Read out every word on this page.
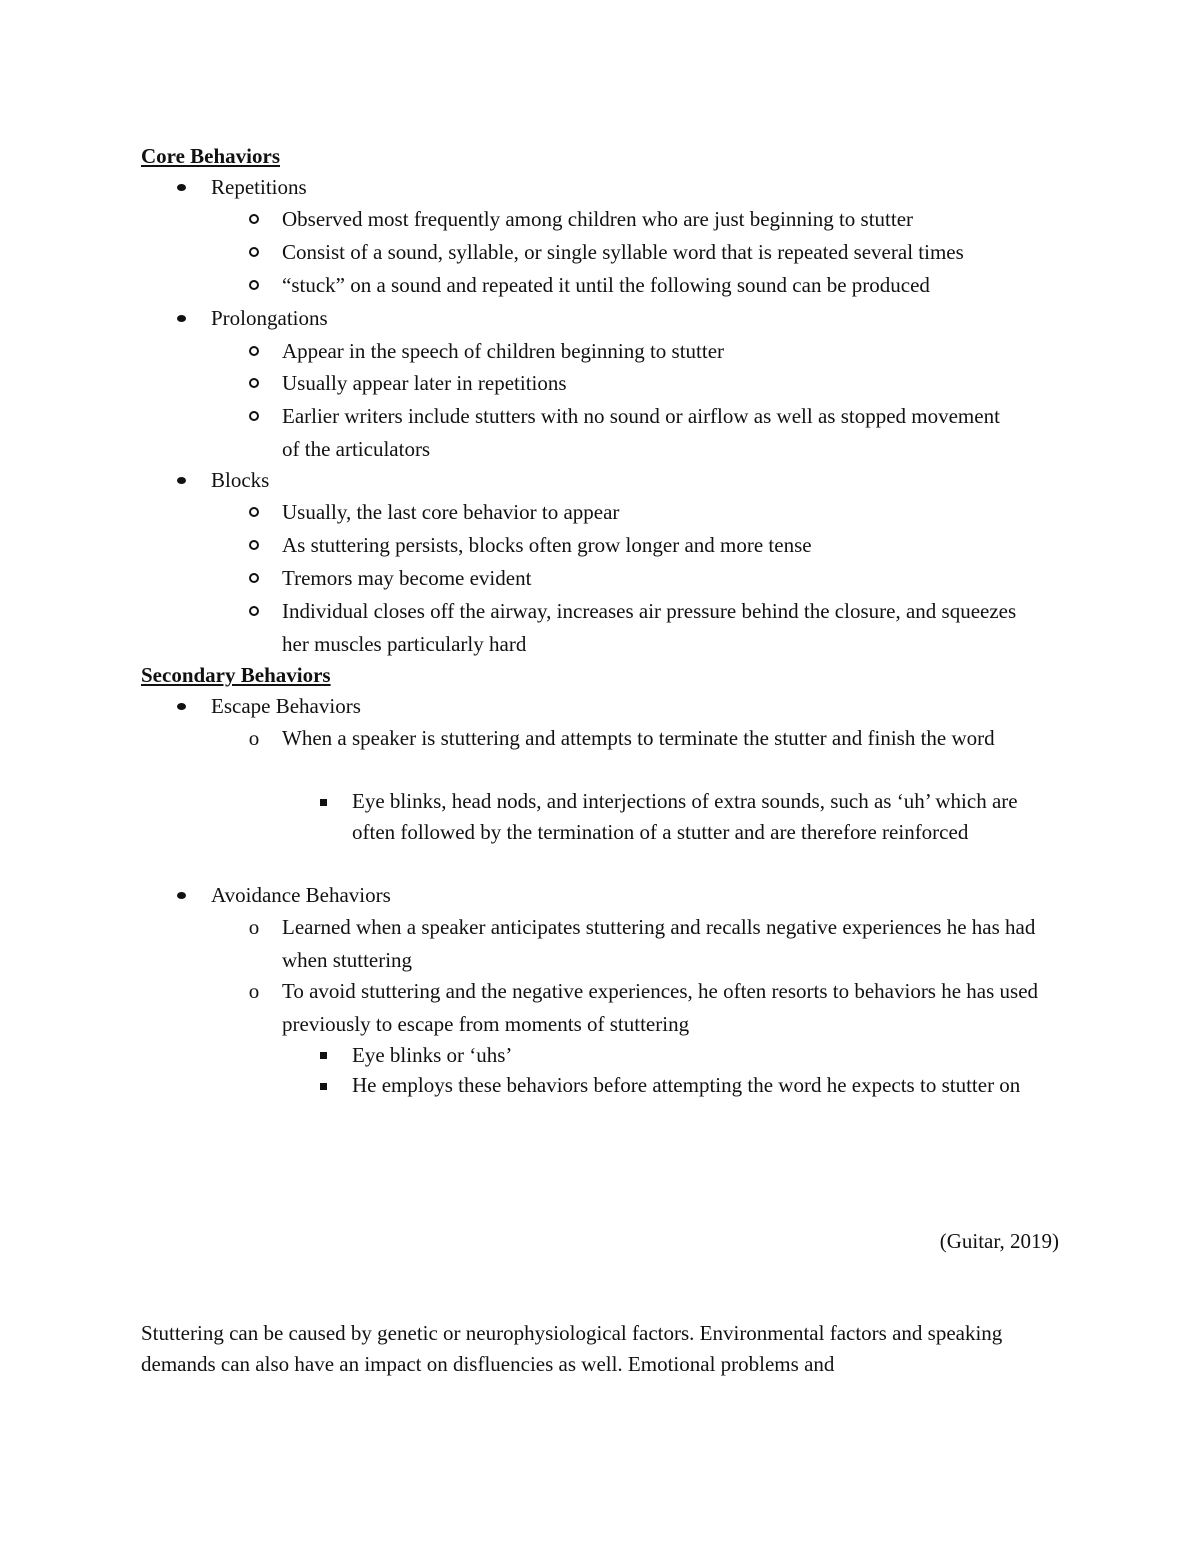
Core Behaviors
Repetitions
Observed most frequently among children who are just beginning to stutter
Consist of a sound, syllable, or single syllable word that is repeated several times
“stuck” on a sound and repeated it until the following sound can be produced
Prolongations
Appear in the speech of children beginning to stutter
Usually appear later in repetitions
Earlier writers include stutters with no sound or airflow as well as stopped movement of the articulators
Blocks
Usually, the last core behavior to appear
As stuttering persists, blocks often grow longer and more tense
Tremors may become evident
Individual closes off the airway, increases air pressure behind the closure, and squeezes her muscles particularly hard
Secondary Behaviors
Escape Behaviors
o When a speaker is stuttering and attempts to terminate the stutter and finish the word
Eye blinks, head nods, and interjections of extra sounds, such as ‘uh’ which are often followed by the termination of a stutter and are therefore reinforced
Avoidance Behaviors
o Learned when a speaker anticipates stuttering and recalls negative experiences he has had when stuttering
o To avoid stuttering and the negative experiences, he often resorts to behaviors he has used previously to escape from moments of stuttering
Eye blinks or ‘uhs’
He employs these behaviors before attempting the word he expects to stutter on
(Guitar, 2019)

Stuttering can be caused by genetic or neurophysiological factors. Environmental factors and speaking demands can also have an impact on disfluencies as well. Emotional problems and
